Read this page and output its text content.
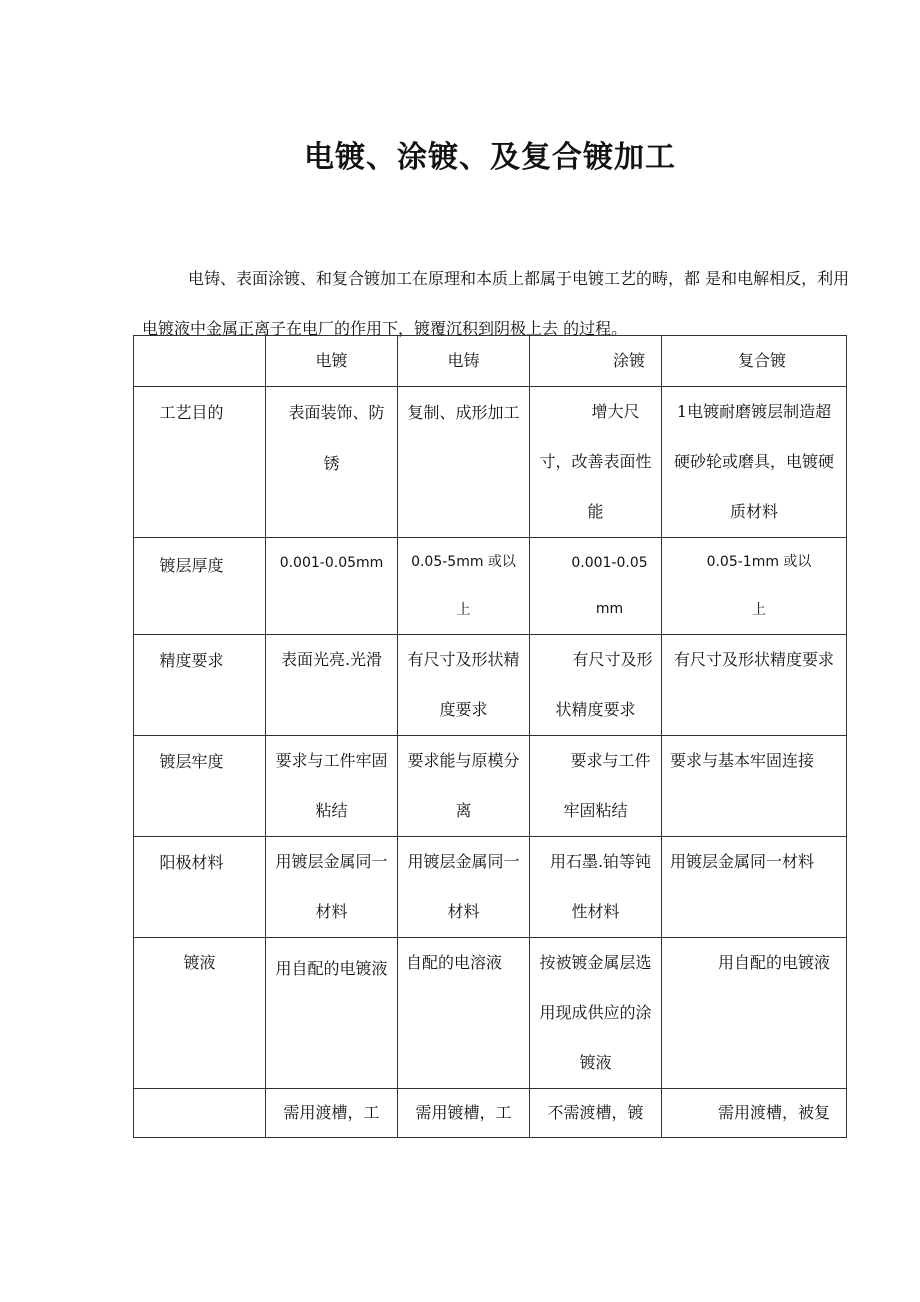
电镀、涂镀、及复合镀加工

电铸、表面涂镀、和复合镀加工在原理和本质上都属于电镀工艺的畴，都 是和电解相反，利用电镀液中金属正离子在电厂的作用下，镀覆沉积到阴极上去 的过程。

	电镀	电铸	涂镀	复合镀
工艺目的	表面装饰、防锈	复制、成形加工	增大尺寸，改善表面性能	1电镀耐磨镀层制造超硬砂轮或磨具，电镀硬质材料
镀层厚度	0.001-0.05mm	0.05-5mm 或以上	0.001-0.05mm	0.05-1mm 或以上
精度要求	表面光亮.光滑	有尺寸及形状精度要求	有尺寸及形状精度要求	有尺寸及形状精度要求
镀层牢度	要求与工件牢固粘结	要求能与原模分离	要求与工件牢固粘结	要求与基本牢固连接
阳极材料	用镀层金属同一材料	用镀层金属同一材料	用石墨.铂等钝性材料	用镀层金属同一材料
镀液	用自配的电镀液	自配的电溶液	按被镀金属层选用现成供应的涂镀液	用自配的电镀液
	需用渡槽，工	需用镀槽，工	不需渡槽，镀	需用渡槽，被复
